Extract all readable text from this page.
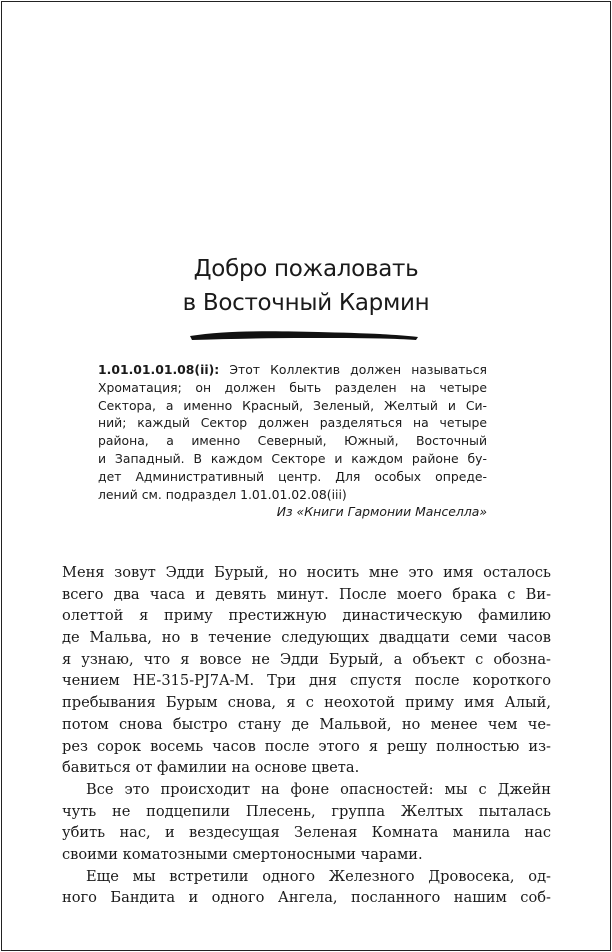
Добро пожаловать
в Восточный Кармин
1.01.01.01.08(ii): Этот Коллектив должен называться
Хроматация; он должен быть разделен на четыре
Сектора, а именно Красный, Зеленый, Желтый и Си-
ний; каждый Сектор должен разделяться на четыре
района, а именно Северный, Южный, Восточный
и Западный. В каждом Секторе и каждом районе бу-
дет Административный центр. Для особых опреде-
лений см. подраздел 1.01.01.02.08(iii)
Из «Книги Гармонии Манселла»
Меня зовут Эдди Бурый, но носить мне это имя осталось
всего два часа и девять минут. После моего брака с Ви-
олеттой я приму престижную династическую фамилию
де Мальва, но в течение следующих двадцати семи часов
я узнаю, что я вовсе не Эдди Бурый, а объект с обозна-
чением HE-315-PJ7A-M. Три дня спустя после короткого
пребывания Бурым снова, я с неохотой приму имя Алый,
потом снова быстро стану де Мальвой, но менее чем че-
рез сорок восемь часов после этого я решу полностью из-
бавиться от фамилии на основе цвета.
Все это происходит на фоне опасностей: мы с Джейн
чуть не подцепили Плесень, группа Желтых пыталась
убить нас, и вездесущая Зеленая Комната манила нас
своими коматозными смертоносными чарами.
Еще мы встретили одного Железного Дровосека, од-
ного Бандита и одного Ангела, посланного нашим соб-
